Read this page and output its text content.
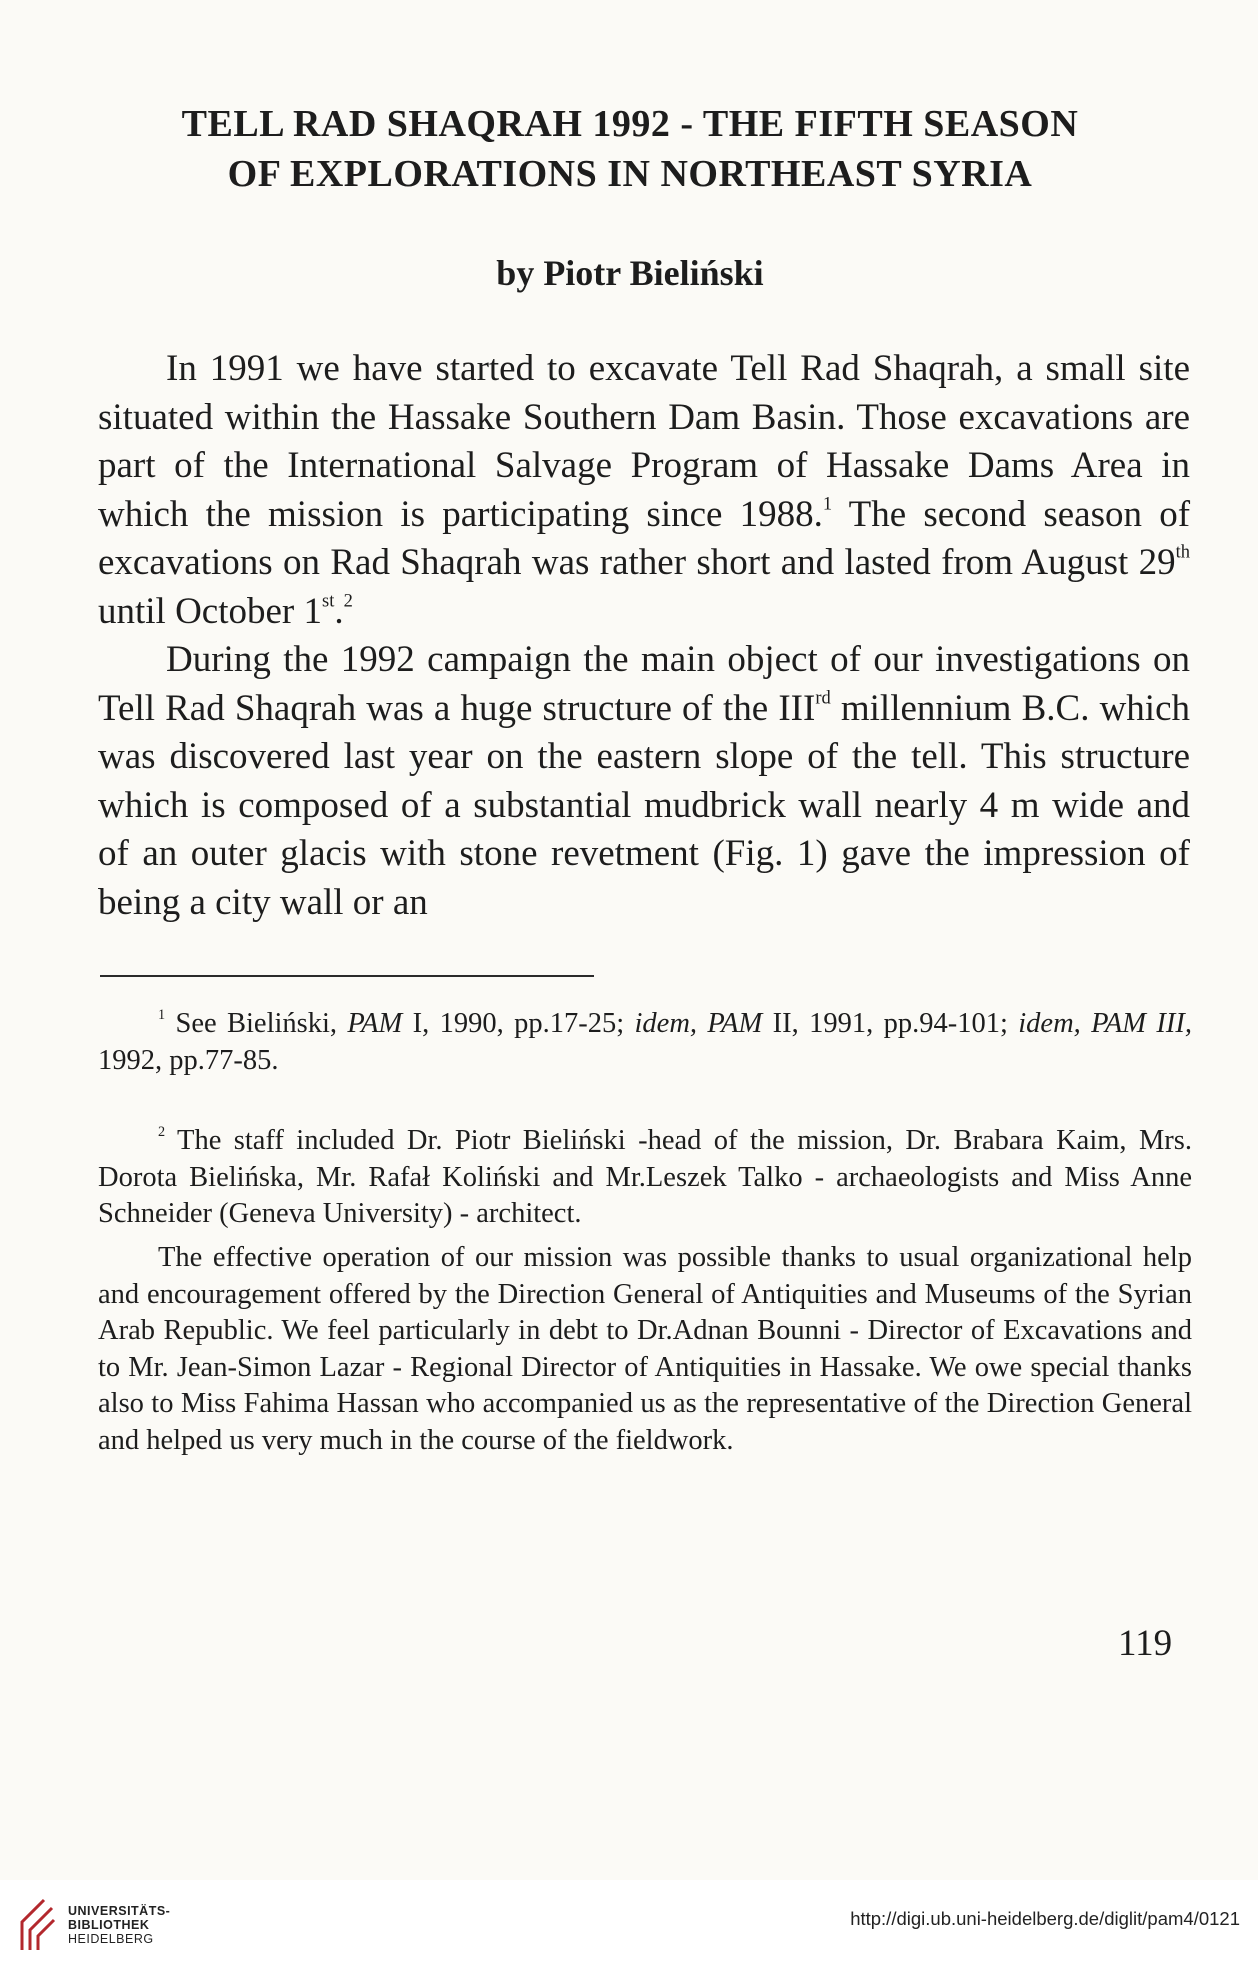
TELL RAD SHAQRAH 1992 - THE FIFTH SEASON
OF EXPLORATIONS IN NORTHEAST SYRIA
by Piotr Bieliński

In 1991 we have started to excavate Tell Rad Shaqrah, a small site situated within the Hassake Southern Dam Basin. Those excavations are part of the International Salvage Program of Hassake Dams Area in which the mission is participating since 1988.$^1$ The second season of excavations on Rad Shaqrah was rather short and lasted from August 29th until October 1st.$^2$

During the 1992 campaign the main object of our investigations on Tell Rad Shaqrah was a huge structure of the IIIrd millennium B.C. which was discovered last year on the eastern slope of the tell. This structure which is composed of a substantial mudbrick wall nearly 4 m wide and of an outer glacis with stone revetment (Fig. 1) gave the impression of being a city wall or an

$^1$ See Bieliński, PAM I, 1990, pp.17-25; idem, PAM II, 1991, pp.94-101; idem, PAM III, 1992, pp.77-85.

$^2$ The staff included Dr. Piotr Bieliński -head of the mission, Dr. Brabara Kaim, Mrs. Dorota Bielińska, Mr. Rafał Koliński and Mr.Leszek Talko - archaeologists and Miss Anne Schneider (Geneva University) - architect.

The effective operation of our mission was possible thanks to usual organizational help and encouragement offered by the Direction General of Antiquities and Museums of the Syrian Arab Republic. We feel particularly in debt to Dr.Adnan Bounni - Director of Excavations and to Mr. Jean-Simon Lazar - Regional Director of Antiquities in Hassake. We owe special thanks also to Miss Fahima Hassan who accompanied us as the representative of the Direction General and helped us very much in the course of the fieldwork.

119
UNIVERSITÄTS-
BIBLIOTHEK
HEIDELBERG
http://digi.ub.uni-heidelberg.de/diglit/pam4/0121
